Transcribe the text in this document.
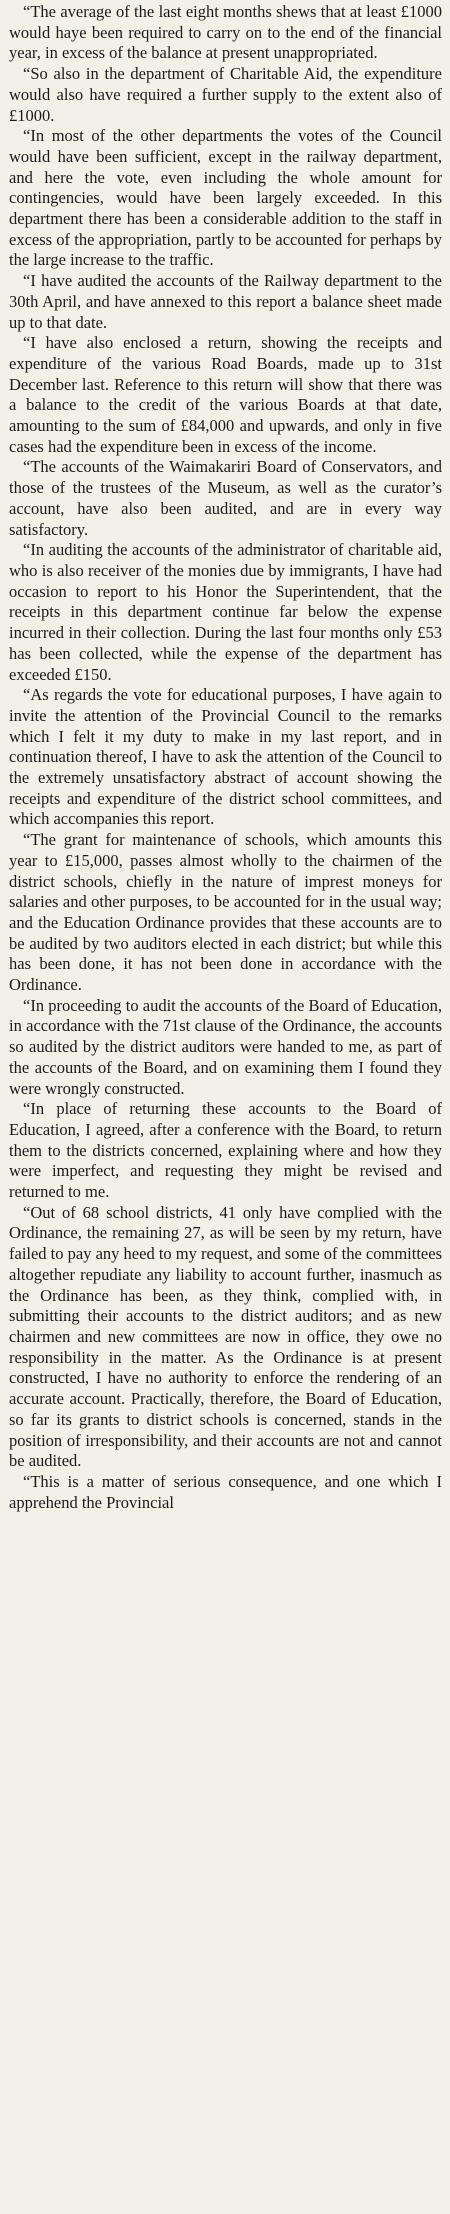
“The average of the last eight months shews that at least £1000 would haye been required to carry on to the end of the financial year, in excess of the balance at present unappropriated.

“So also in the department of Charitable Aid, the expenditure would also have required a further supply to the extent also of £1000.

“In most of the other departments the votes of the Council would have been sufficient, except in the railway department, and here the vote, even including the whole amount for contingencies, would have been largely exceeded. In this department there has been a considerable addition to the staff in excess of the appropriation, partly to be accounted for perhaps by the large increase to the traffic.

“I have audited the accounts of the Railway department to the 30th April, and have annexed to this report a balance sheet made up to that date.

“I have also enclosed a return, showing the receipts and expenditure of the various Road Boards, made up to 31st December last. Reference to this return will show that there was a balance to the credit of the various Boards at that date, amounting to the sum of £84,000 and upwards, and only in five cases had the expenditure been in excess of the income.

“The accounts of the Waimakariri Board of Conservators, and those of the trustees of the Museum, as well as the curator’s account, have also been audited, and are in every way satisfactory.

“In auditing the accounts of the administrator of charitable aid, who is also receiver of the monies due by immigrants, I have had occasion to report to his Honor the Superintendent, that the receipts in this department continue far below the expense incurred in their collection. During the last four months only £53 has been collected, while the expense of the department has exceeded £150.

“As regards the vote for educational purposes, I have again to invite the attention of the Provincial Council to the remarks which I felt it my duty to make in my last report, and in continuation thereof, I have to ask the attention of the Council to the extremely unsatisfactory abstract of account showing the receipts and expenditure of the district school committees, and which accompanies this report.

“The grant for maintenance of schools, which amounts this year to £15,000, passes almost wholly to the chairmen of the district schools, chiefly in the nature of imprest moneys for salaries and other purposes, to be accounted for in the usual way; and the Education Ordinance provides that these accounts are to be audited by two auditors elected in each district; but while this has been done, it has not been done in accordance with the Ordinance.

“In proceeding to audit the accounts of the Board of Education, in accordance with the 71st clause of the Ordinance, the accounts so audited by the district auditors were handed to me, as part of the accounts of the Board, and on examining them I found they were wrongly constructed.

“In place of returning these accounts to the Board of Education, I agreed, after a conference with the Board, to return them to the districts concerned, explaining where and how they were imperfect, and requesting they might be revised and returned to me.

“Out of 68 school districts, 41 only have complied with the Ordinance, the remaining 27, as will be seen by my return, have failed to pay any heed to my request, and some of the committees altogether repudiate any liability to account further, inasmuch as the Ordinance has been, as they think, complied with, in submitting their accounts to the district auditors; and as new chairmen and new committees are now in office, they owe no responsibility in the matter. As the Ordinance is at present constructed, I have no authority to enforce the rendering of an accurate account. Practically, therefore, the Board of Education, so far its grants to district schools is concerned, stands in the position of irresponsibility, and their accounts are not and cannot be audited.

“This is a matter of serious consequence, and one which I apprehend the Provincial
